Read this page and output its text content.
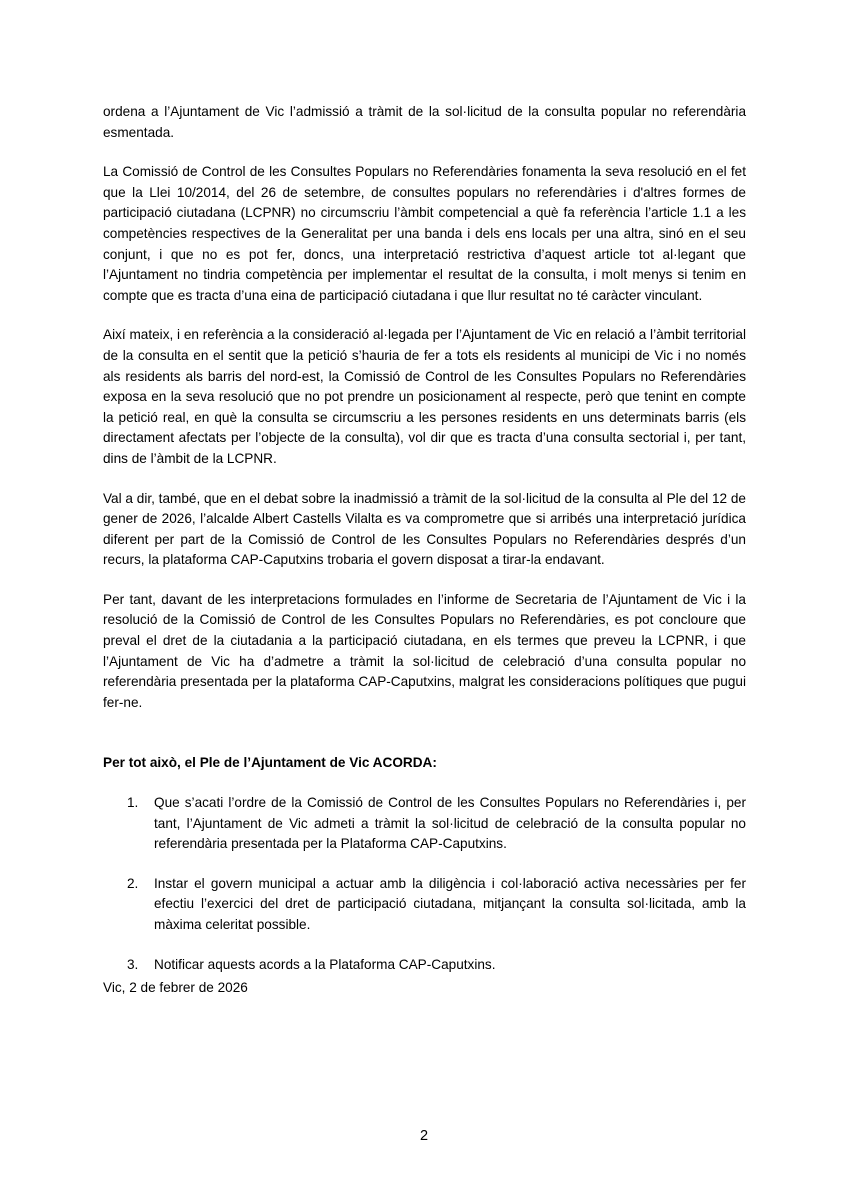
ordena a l’Ajuntament de Vic l’admissió a tràmit de la sol·licitud de la consulta popular no referendària esmentada.

La Comissió de Control de les Consultes Populars no Referendàries fonamenta la seva resolució en el fet que la Llei 10/2014, del 26 de setembre, de consultes populars no referendàries i d'altres formes de participació ciutadana (LCPNR) no circumscriu l’àmbit competencial a què fa referència l’article 1.1 a les competències respectives de la Generalitat per una banda i dels ens locals per una altra, sinó en el seu conjunt, i que no es pot fer, doncs, una interpretació restrictiva d’aquest article tot al·legant que l’Ajuntament no tindria competència per implementar el resultat de la consulta, i molt menys si tenim en compte que es tracta d’una eina de participació ciutadana i que llur resultat no té caràcter vinculant.

Així mateix, i en referència a la consideració al·legada per l’Ajuntament de Vic en relació a l’àmbit territorial de la consulta en el sentit que la petició s’hauria de fer a tots els residents al municipi de Vic i no només als residents als barris del nord-est, la Comissió de Control de les Consultes Populars no Referendàries exposa en la seva resolució que no pot prendre un posicionament al respecte, però que tenint en compte la petició real, en què la consulta se circumscriu a les persones residents en uns determinats barris (els directament afectats per l’objecte de la consulta), vol dir que es tracta d’una consulta sectorial i, per tant, dins de l’àmbit de la LCPNR.

Val a dir, també, que en el debat sobre la inadmissió a tràmit de la sol·licitud de la consulta al Ple del 12 de gener de 2026, l’alcalde Albert Castells Vilalta es va comprometre que si arribés una interpretació jurídica diferent per part de la Comissió de Control de les Consultes Populars no Referendàries després d’un recurs, la plataforma CAP-Caputxins trobaria el govern disposat a tirar-la endavant.

Per tant, davant de les interpretacions formulades en l’informe de Secretaria de l’Ajuntament de Vic i la resolució de la Comissió de Control de les Consultes Populars no Referendàries, es pot concloure que preval el dret de la ciutadania a la participació ciutadana, en els termes que preveu la LCPNR, i que l’Ajuntament de Vic ha d’admetre a tràmit la sol·licitud de celebració d’una consulta popular no referendària presentada per la plataforma CAP-Caputxins, malgrat les consideracions polítiques que pugui fer-ne.

Per tot això, el Ple de l’Ajuntament de Vic ACORDA:

1. Que s’acati l’ordre de la Comissió de Control de les Consultes Populars no Referendàries i, per tant, l’Ajuntament de Vic admeti a tràmit la sol·licitud de celebració de la consulta popular no referendària presentada per la Plataforma CAP-Caputxins.
2. Instar el govern municipal a actuar amb la diligència i col·laboració activa necessàries per fer efectiu l’exercici del dret de participació ciutadana, mitjançant la consulta sol·licitada, amb la màxima celeritat possible.
3. Notificar aquests acords a la Plataforma CAP-Caputxins.
Vic, 2 de febrer de 2026
2
